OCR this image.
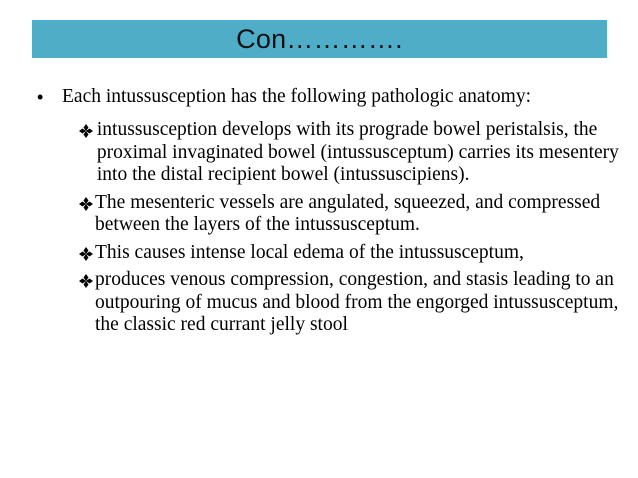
Con………….
• Each intussusception has the following pathologic anatomy:
intussusception develops with its prograde bowel peristalsis, the proximal invaginated bowel (intussusceptum) carries its mesentery into the distal recipient bowel (intussuscipiens).
The mesenteric vessels are angulated, squeezed, and compressed between the layers of the intussusceptum.
This causes intense local edema of the intussusceptum,
produces venous compression, congestion, and stasis leading to an outpouring of mucus and blood from the engorged intussusceptum, the classic red currant jelly stool
